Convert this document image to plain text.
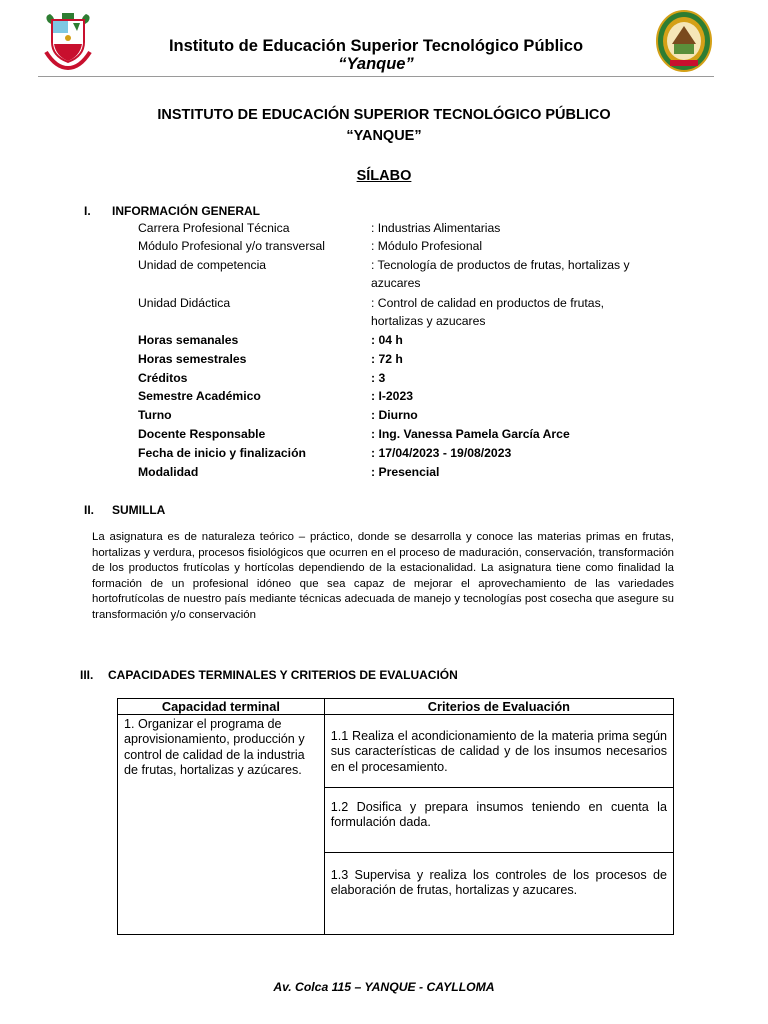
Instituto de Educación Superior Tecnológico Público
“Yanque”
INSTITUTO DE EDUCACIÓN SUPERIOR TECNOLÓGICO PÚBLICO
“YANQUE”
SÍLABO
I. INFORMACIÓN GENERAL
Carrera Profesional Técnica	: Industrias Alimentarias
Módulo Profesional y/o transversal	: Módulo Profesional
Unidad de competencia	: Tecnología de productos de frutas, hortalizas y azucares
Unidad Didáctica	: Control de calidad en productos de frutas, hortalizas y azucares
Horas semanales	: 04 h
Horas semestrales	: 72 h
Créditos	: 3
Semestre Académico	: I-2023
Turno	: Diurno
Docente Responsable	: Ing. Vanessa Pamela García Arce
Fecha de inicio y finalización	: 17/04/2023 - 19/08/2023
Modalidad	: Presencial
II. SUMILLA
La asignatura es de naturaleza teórico – práctico, donde se desarrolla y conoce las materias primas en frutas, hortalizas y verdura, procesos fisiológicos que ocurren en el proceso de maduración, conservación, transformación de los productos frutícolas y hortícolas dependiendo de la estacionalidad. La asignatura tiene como finalidad la formación de un profesional idóneo que sea capaz de mejorar el aprovechamiento de las variedades hortofrutícolas de nuestro país mediante técnicas adecuada de manejo y tecnologías post cosecha que asegure su transformación y/o conservación
III. CAPACIDADES TERMINALES Y CRITERIOS DE EVALUACIÓN
Capacidad terminal	Criterios de Evaluación
1. Organizar el programa de aprovisionamiento, producción y control de calidad de la industria de frutas, hortalizas y azúcares.	1.1 Realiza el acondicionamiento de la materia prima según sus características de calidad y de los insumos necesarios en el procesamiento.
	1.2 Dosifica y prepara insumos teniendo en cuenta la formulación dada.
	1.3 Supervisa y realiza los controles de los procesos de elaboración de frutas, hortalizas y azucares.
Av. Colca 115 – YANQUE - CAYLLOMA
